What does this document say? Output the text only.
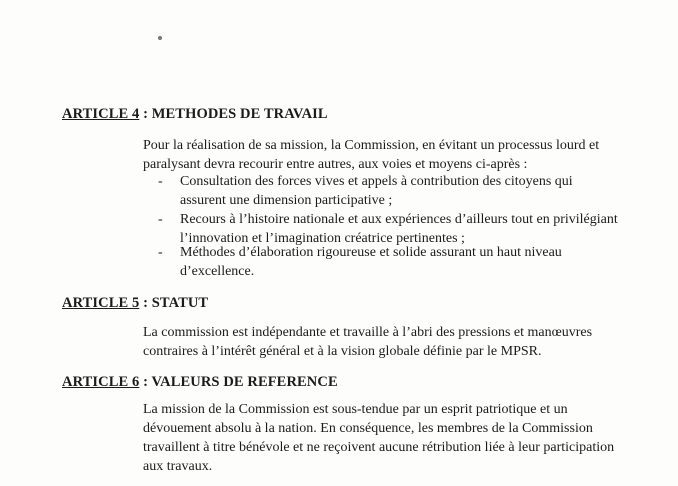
ARTICLE 4 : METHODES DE TRAVAIL
Pour la réalisation de sa mission, la Commission, en évitant un processus lourd et
paralysant devra recourir entre autres, aux voies et moyens ci-après :
- Consultation des forces vives et appels à contribution des citoyens qui
assurent une dimension participative ;
- Recours à l’histoire nationale et aux expériences d’ailleurs tout en privilégiant
l’innovation et l’imagination créatrice pertinentes ;
- Méthodes d’élaboration rigoureuse et solide assurant un haut niveau
d’excellence.
ARTICLE 5 : STATUT
La commission est indépendante et travaille à l’abri des pressions et manœuvres
contraires à l’intérêt général et à la vision globale définie par le MPSR.
ARTICLE 6 : VALEURS DE REFERENCE
La mission de la Commission est sous-tendue par un esprit patriotique et un
dévouement absolu à la nation. En conséquence, les membres de la Commission
travaillent à titre bénévole et ne reçoivent aucune rétribution liée à leur participation
aux travaux.
